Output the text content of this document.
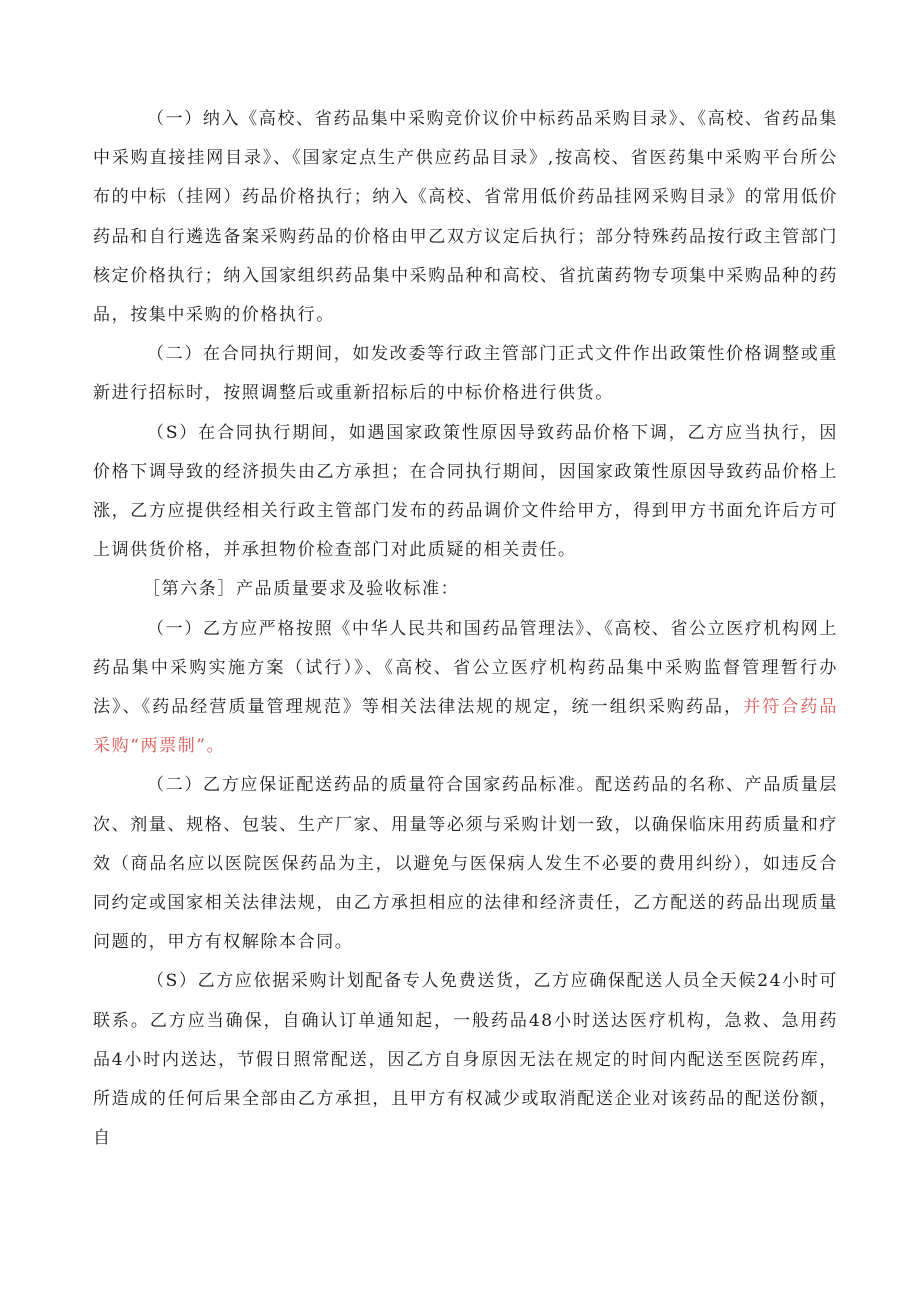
（一）纳入《高校、省药品集中采购竞价议价中标药品采购目录》、《高校、省药品集中采购直接挂网目录》、《国家定点生产供应药品目录》,按高校、省医药集中采购平台所公布的中标（挂网）药品价格执行；纳入《高校、省常用低价药品挂网采购目录》的常用低价药品和自行遴选备案采购药品的价格由甲乙双方议定后执行；部分特殊药品按行政主管部门核定价格执行；纳入国家组织药品集中采购品种和高校、省抗菌药物专项集中采购品种的药品，按集中采购的价格执行。

（二）在合同执行期间，如发改委等行政主管部门正式文件作出政策性价格调整或重新进行招标时，按照调整后或重新招标后的中标价格进行供货。

（S）在合同执行期间，如遇国家政策性原因导致药品价格下调，乙方应当执行，因价格下调导致的经济损失由乙方承担；在合同执行期间，因国家政策性原因导致药品价格上涨，乙方应提供经相关行政主管部门发布的药品调价文件给甲方，得到甲方书面允许后方可上调供货价格，并承担物价检查部门对此质疑的相关责任。

［第六条］产品质量要求及验收标准：

（一）乙方应严格按照《中华人民共和国药品管理法》、《高校、省公立医疗机构网上药品集中采购实施方案（试行）》、《高校、省公立医疗机构药品集中采购监督管理暂行办法》、《药品经营质量管理规范》等相关法律法规的规定，统一组织采购药品，并符合药品采购“两票制”。

（二）乙方应保证配送药品的质量符合国家药品标准。配送药品的名称、产品质量层次、剂量、规格、包装、生产厂家、用量等必须与采购计划一致，以确保临床用药质量和疗效（商品名应以医院医保药品为主，以避免与医保病人发生不必要的费用纠纷），如违反合同约定或国家相关法律法规，由乙方承担相应的法律和经济责任，乙方配送的药品出现质量问题的，甲方有权解除本合同。

（S）乙方应依据采购计划配备专人免费送货，乙方应确保配送人员全天候24小时可联系。乙方应当确保，自确认订单通知起，一般药品48小时送达医疗机构，急救、急用药品4小时内送达，节假日照常配送，因乙方自身原因无法在规定的时间内配送至医院药库，所造成的任何后果全部由乙方承担，且甲方有权减少或取消配送企业对该药品的配送份额，自
